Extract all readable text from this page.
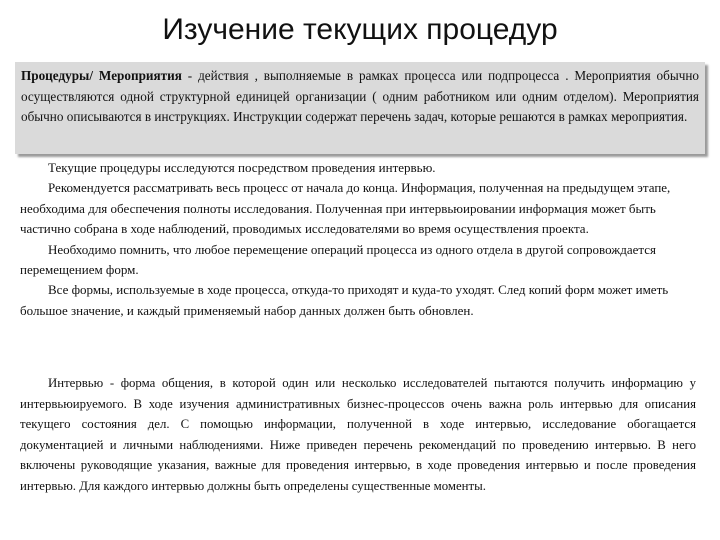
Изучение текущих процедур
Процедуры/ Мероприятия - действия , выполняемые в рамках процесса или подпроцесса . Мероприятия обычно осуществляются одной структурной единицей организации ( одним работником или одним отделом). Мероприятия обычно описываются в инструкциях. Инструкции содержат перечень задач, которые решаются в рамках мероприятия.

Текущие процедуры исследуются посредством проведения интервью.

Рекомендуется рассматривать весь процесс от начала до конца. Информация, полученная на предыдущем этапе, необходима для обеспечения полноты исследования. Полученная при интервьюировании информация может быть частично собрана в ходе наблюдений, проводимых исследователями во время осуществления проекта.

Необходимо помнить, что любое перемещение операций процесса из одного отдела в другой сопровождается перемещением форм.

Все формы, используемые в ходе процесса, откуда-то приходят и куда-то уходят. След копий форм может иметь большое значение, и каждый применяемый набор данных должен быть обновлен.

Интервью - форма общения, в которой один или несколько исследователей пытаются получить информацию у интервьюируемого. В ходе изучения административных бизнес-процессов очень важна роль интервью для описания текущего состояния дел. С помощью информации, полученной в ходе интервью, исследование обогащается документацией и личными наблюдениями. Ниже приведен перечень рекомендаций по проведению интервью. В него включены руководящие указания, важные для проведения интервью, в ходе проведения интервью и после проведения интервью. Для каждого интервью должны быть определены существенные моменты.
